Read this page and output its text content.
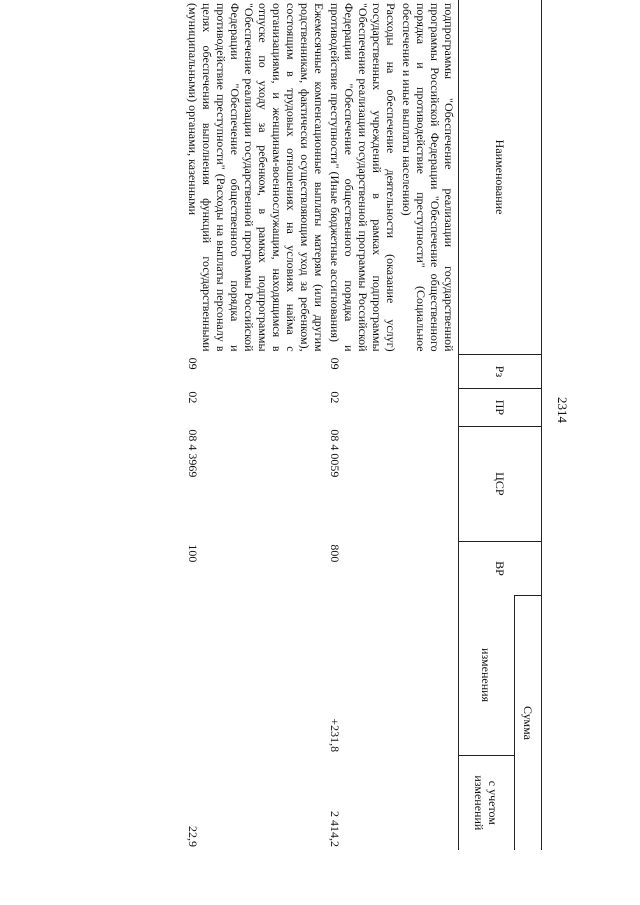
2314
Наименование	Рз	ПР	ЦСР	ВР	Сумма	
					изменения	с учетом изменений
подпрограммы "Обеспечение реализации государственной программы Российской Федерации "Обеспечение общественного порядка и противодействие преступности" (Социальное обеспечение и иные выплаты населению)						
Расходы на обеспечение деятельности (оказание услуг) государственных учреждений в рамках подпрограммы "Обеспечение реализации государственной программы Российской Федерации "Обеспечение общественного порядка и противодействие преступности" (Иные бюджетные ассигнования)	09	02	08 4 0059	800	+231,8	2 414,2
Ежемесячные компенсационные выплаты матерям (или другим родственникам, фактически осуществляющим уход за ребенком), состоящим в трудовых отношениях на условиях найма с организациями, и женщинам-военнослужащим, находящимся в отпуске по уходу за ребенком, в рамках подпрограммы "Обеспечение реализации государственной программы Российской Федерации "Обеспечение общественного порядка и противодействие преступности" (Расходы на выплаты персоналу в целях обеспечения выполнения функций государственными (муниципальными) органами, казенными	09	02	08 4 3969	100		22,9
